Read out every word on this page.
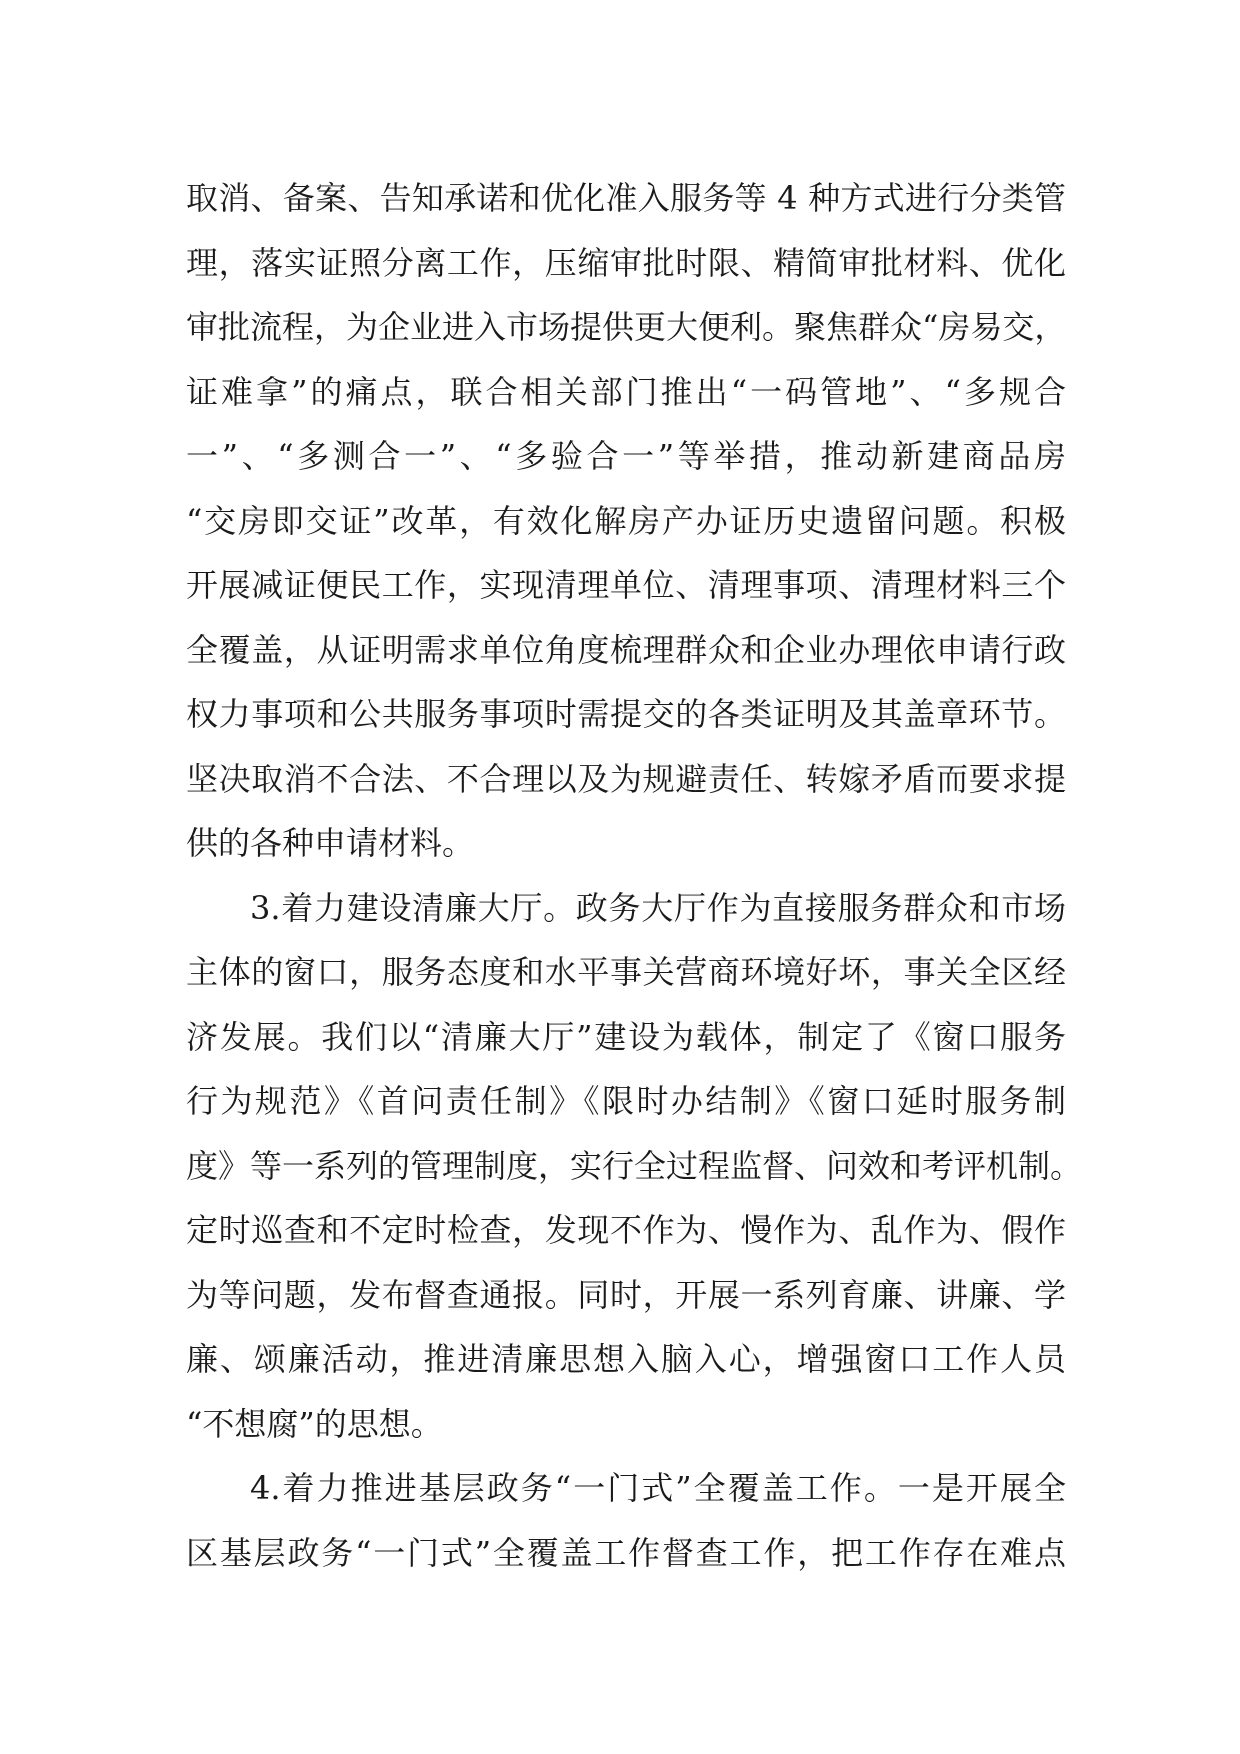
取消、备案、告知承诺和优化准入服务等 4 种方式进行分类管
理，落实证照分离工作，压缩审批时限、精简审批材料、优化
审批流程，为企业进入市场提供更大便利。聚焦群众“房易交，
证难拿”的痛点，联合相关部门推出“一码管地”、“多规合
一”、“多测合一”、“多验合一”等举措，推动新建商品房
“交房即交证”改革，有效化解房产办证历史遗留问题。积极
开展减证便民工作，实现清理单位、清理事项、清理材料三个
全覆盖，从证明需求单位角度梳理群众和企业办理依申请行政
权力事项和公共服务事项时需提交的各类证明及其盖章环节。
坚决取消不合法、不合理以及为规避责任、转嫁矛盾而要求提
供的各种申请材料。
3.着力建设清廉大厅。政务大厅作为直接服务群众和市场
主体的窗口，服务态度和水平事关营商环境好坏，事关全区经
济发展。我们以“清廉大厅”建设为载体，制定了《窗口服务
行为规范》《首问责任制》《限时办结制》《窗口延时服务制
度》等一系列的管理制度，实行全过程监督、问效和考评机制。
定时巡查和不定时检查，发现不作为、慢作为、乱作为、假作
为等问题，发布督查通报。同时，开展一系列育廉、讲廉、学
廉、颂廉活动，推进清廉思想入脑入心，增强窗口工作人员
“不想腐”的思想。
4.着力推进基层政务“一门式”全覆盖工作。一是开展全
区基层政务“一门式”全覆盖工作督查工作，把工作存在难点
